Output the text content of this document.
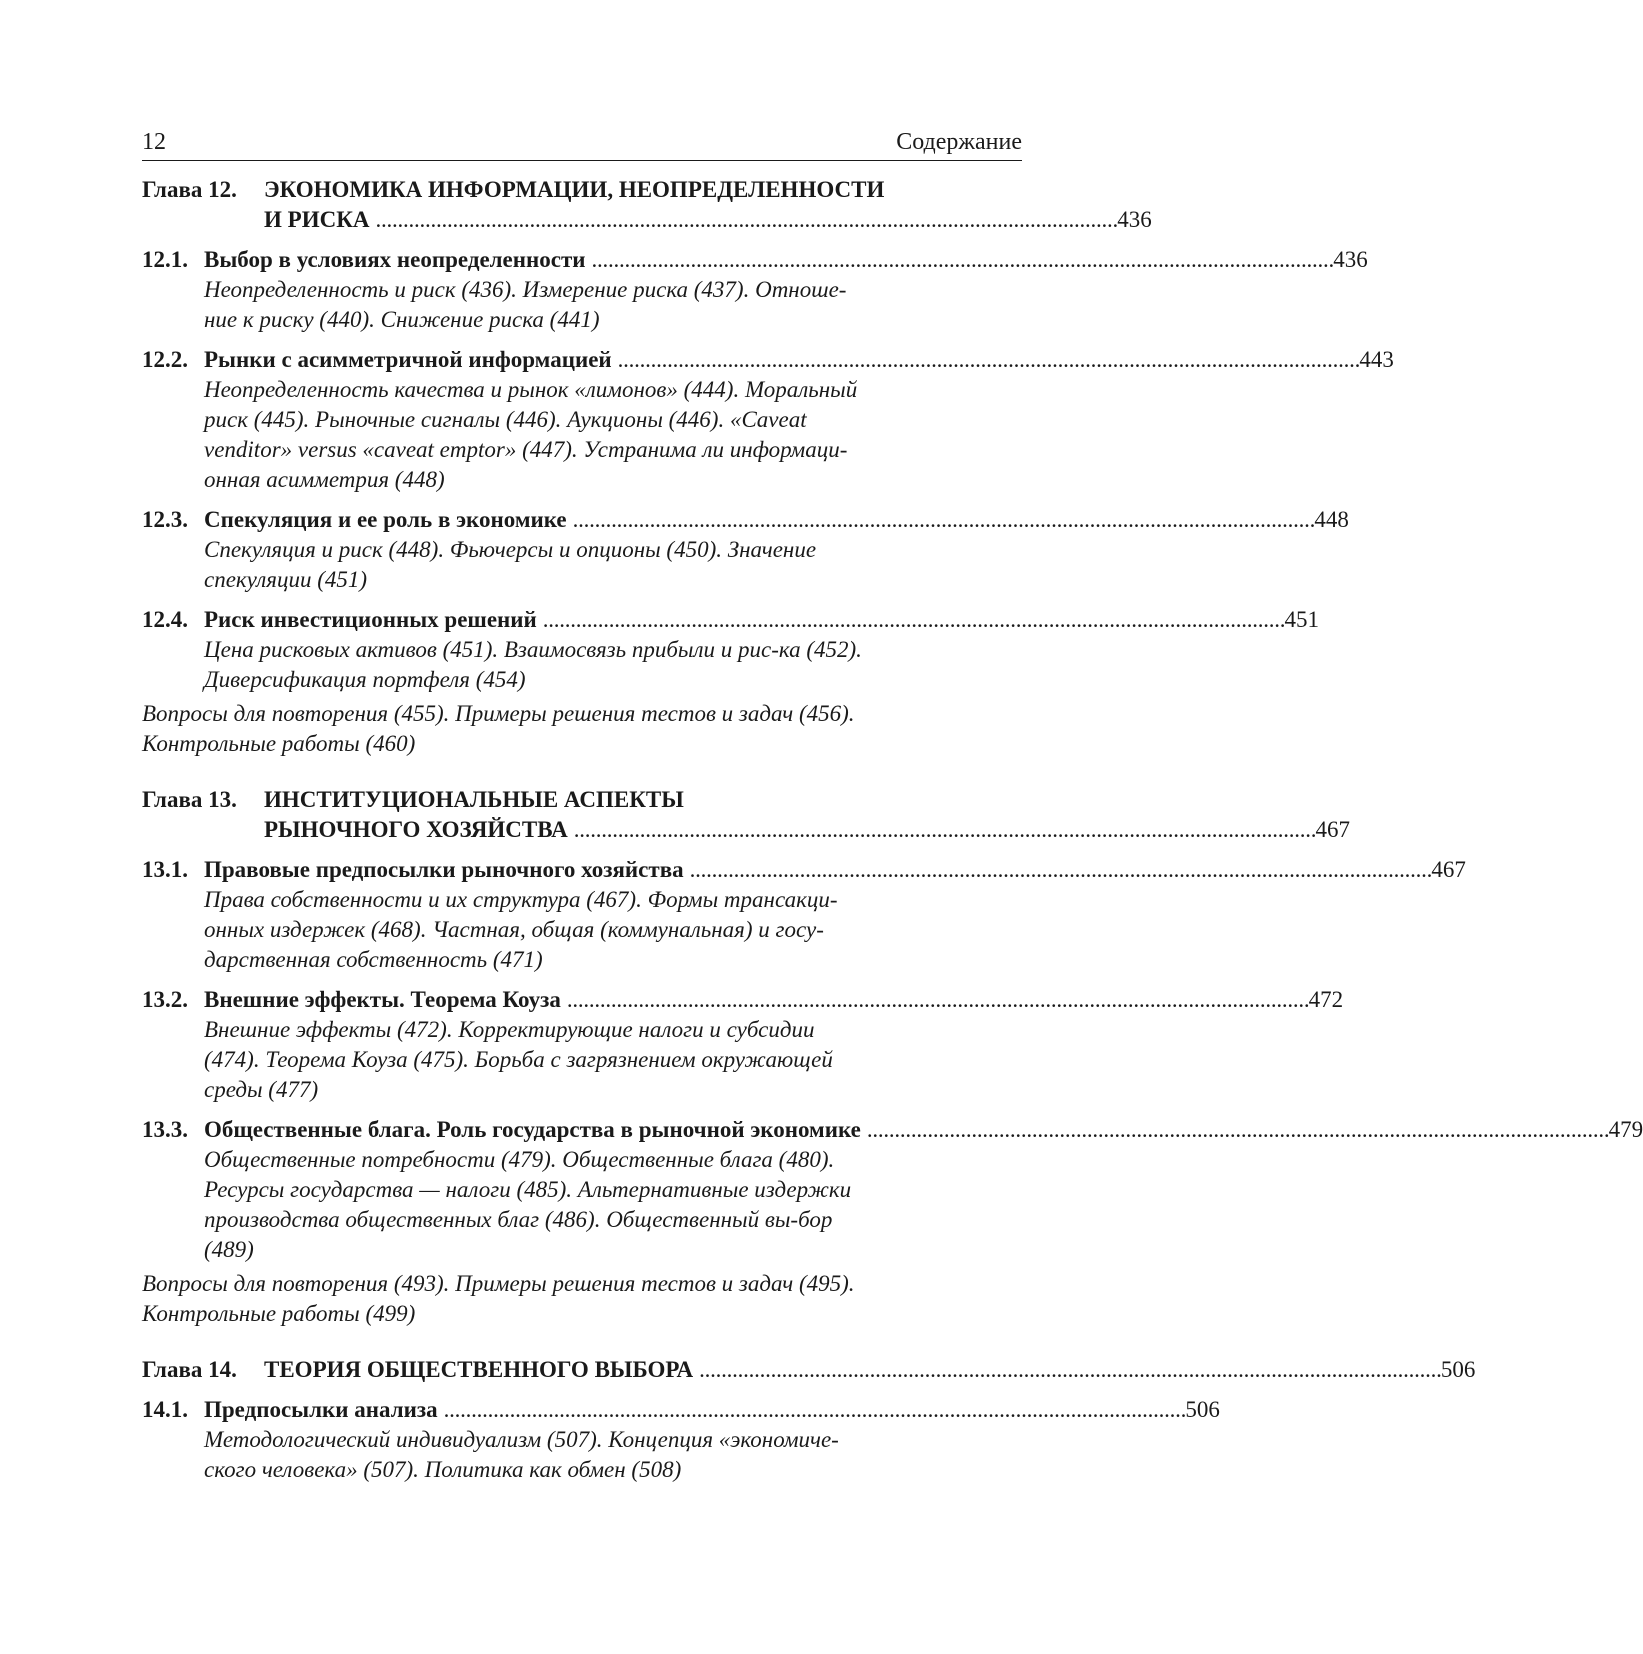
12	Содержание
Глава 12.	ЭКОНОМИКА ИНФОРМАЦИИ, НЕОПРЕДЕЛЕННОСТИ
И РИСКА . . .	436
12.1. Выбор в условиях неопределенности . . .	436
Неопределенность и риск (436). Измерение риска (437). Отноше-ние к риску (440). Снижение риска (441)
12.2. Рынки с асимметричной информацией . . .	443
Неопределенность качества и рынок «лимонов» (444). Моральный риск (445). Рыночные сигналы (446). Аукционы (446). «Caveat venditor» versus «caveat emptor» (447). Устранима ли информаци-онная асимметрия (448)
12.3. Спекуляция и ее роль в экономике . . .	448
Спекуляция и риск (448). Фьючерсы и опционы (450). Значение спекуляции (451)
12.4. Риск инвестиционных решений . . .	451
Цена рисковых активов (451). Взаимосвязь прибыли и рис-ка (452). Диверсификация портфеля (454)
Вопросы для повторения (455). Примеры решения тестов и задач (456). Контрольные работы (460)
Глава 13.	ИНСТИТУЦИОНАЛЬНЫЕ АСПЕКТЫ
РЫНОЧНОГО ХОЗЯЙСТВА . . .	467
13.1. Правовые предпосылки рыночного хозяйства . . .	467
Права собственности и их структура (467). Формы трансакци-онных издержек (468). Частная, общая (коммунальная) и госу-дарственная собственность (471)
13.2. Внешние эффекты. Теорема Коуза . . .	472
Внешние эффекты (472). Корректирующие налоги и субсидии (474). Теорема Коуза (475). Борьба с загрязнением окружающей среды (477)
13.3. Общественные блага. Роль государства в рыночной экономике . . .	479
Общественные потребности (479). Общественные блага (480). Ресурсы государства — налоги (485). Альтернативные издержки производства общественных благ (486). Общественный вы-бор (489)
Вопросы для повторения (493). Примеры решения тестов и задач (495). Контрольные работы (499)
Глава 14.	ТЕОРИЯ ОБЩЕСТВЕННОГО ВЫБОРА . . .	506
14.1. Предпосылки анализа . . .	506
Методологический индивидуализм (507). Концепция «экономиче-ского человека» (507). Политика как обмен (508)
